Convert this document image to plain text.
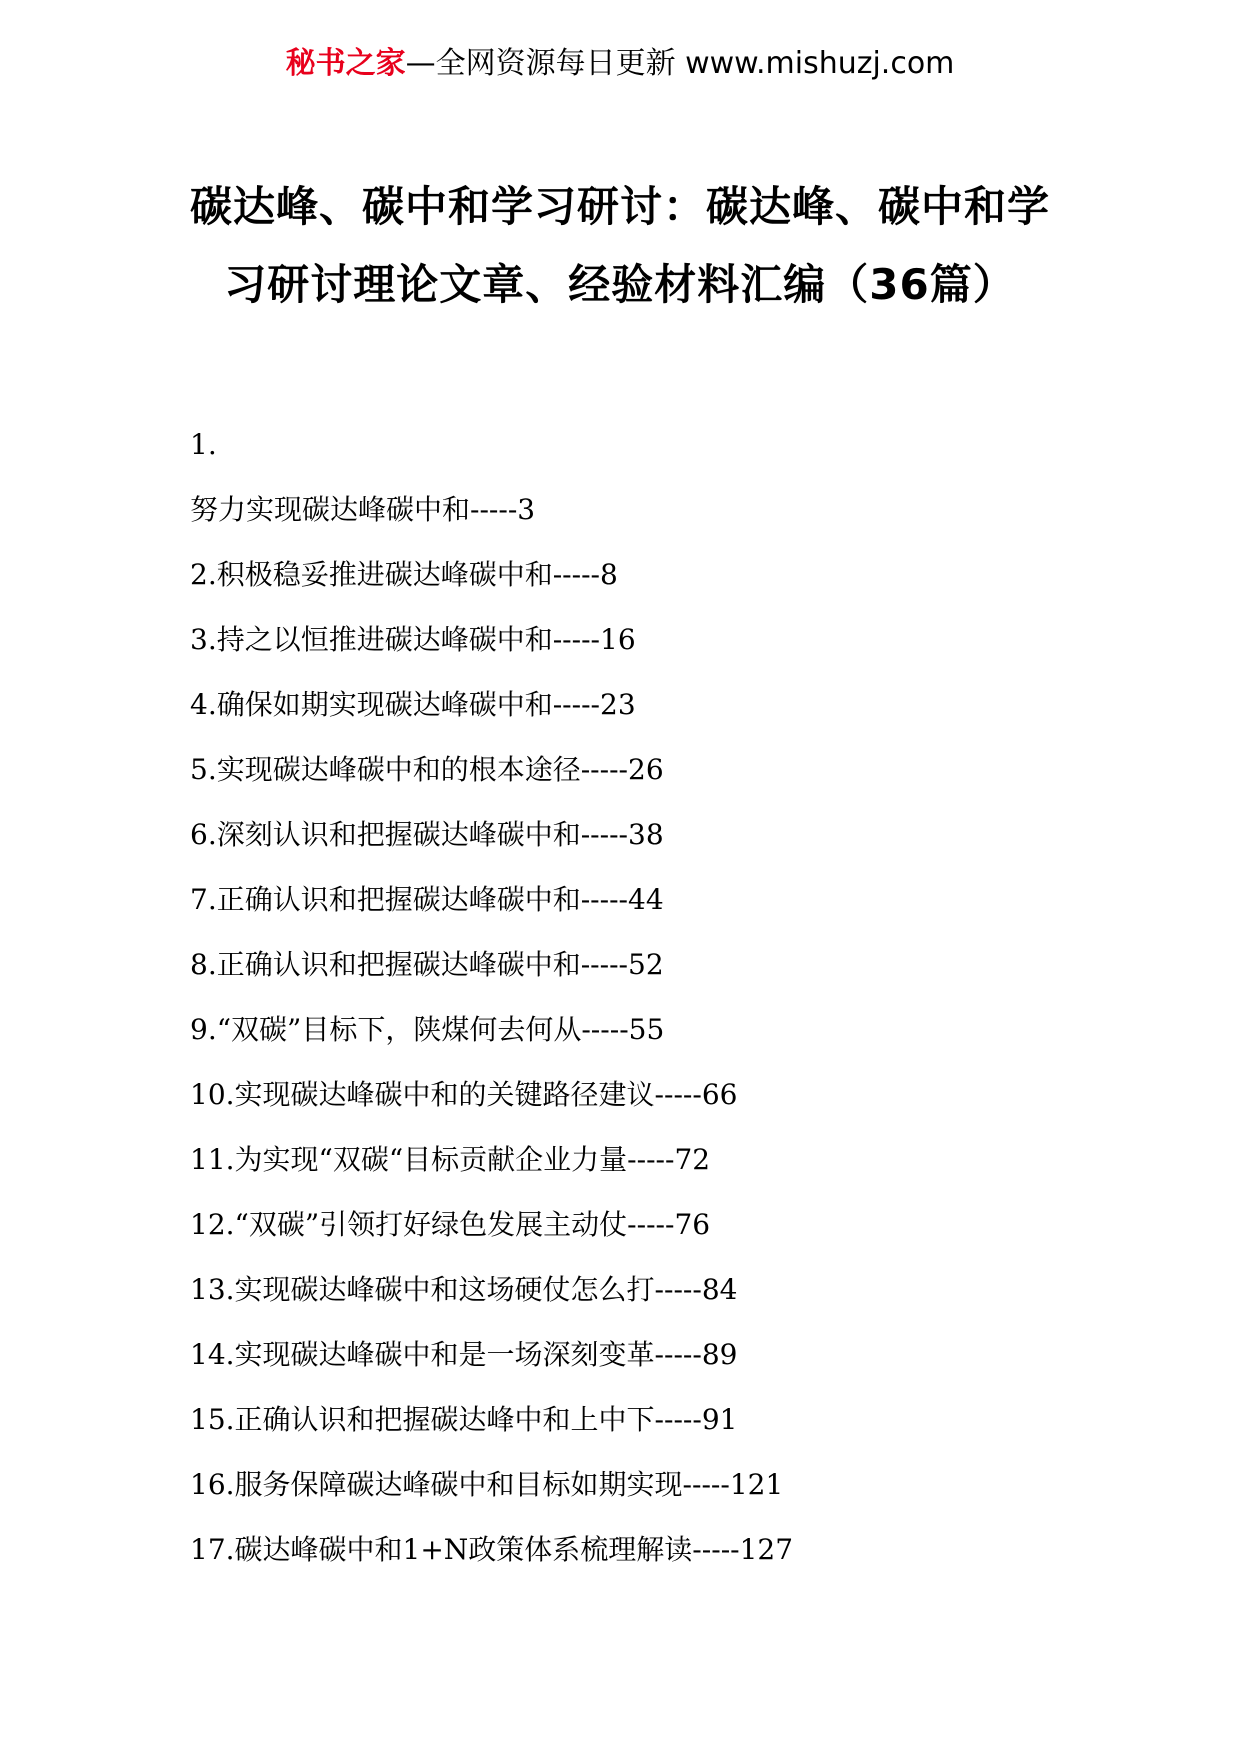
秘书之家—全网资源每日更新 www.mishuzj.com
碳达峰、碳中和学习研讨：碳达峰、碳中和学习研讨理论文章、经验材料汇编（36篇）
1.
努力实现碳达峰碳中和-----3
2.积极稳妥推进碳达峰碳中和-----8
3.持之以恒推进碳达峰碳中和-----16
4.确保如期实现碳达峰碳中和-----23
5.实现碳达峰碳中和的根本途径-----26
6.深刻认识和把握碳达峰碳中和-----38
7.正确认识和把握碳达峰碳中和-----44
8.正确认识和把握碳达峰碳中和-----52
9.“双碳”目标下，陕煤何去何从-----55
10.实现碳达峰碳中和的关键路径建议-----66
11.为实现“双碳“目标贡献企业力量-----72
12.“双碳”引领打好绿色发展主动仗-----76
13.实现碳达峰碳中和这场硬仗怎么打-----84
14.实现碳达峰碳中和是一场深刻变革-----89
15.正确认识和把握碳达峰中和上中下-----91
16.服务保障碳达峰碳中和目标如期实现-----121
17.碳达峰碳中和1+N政策体系梳理解读-----127
